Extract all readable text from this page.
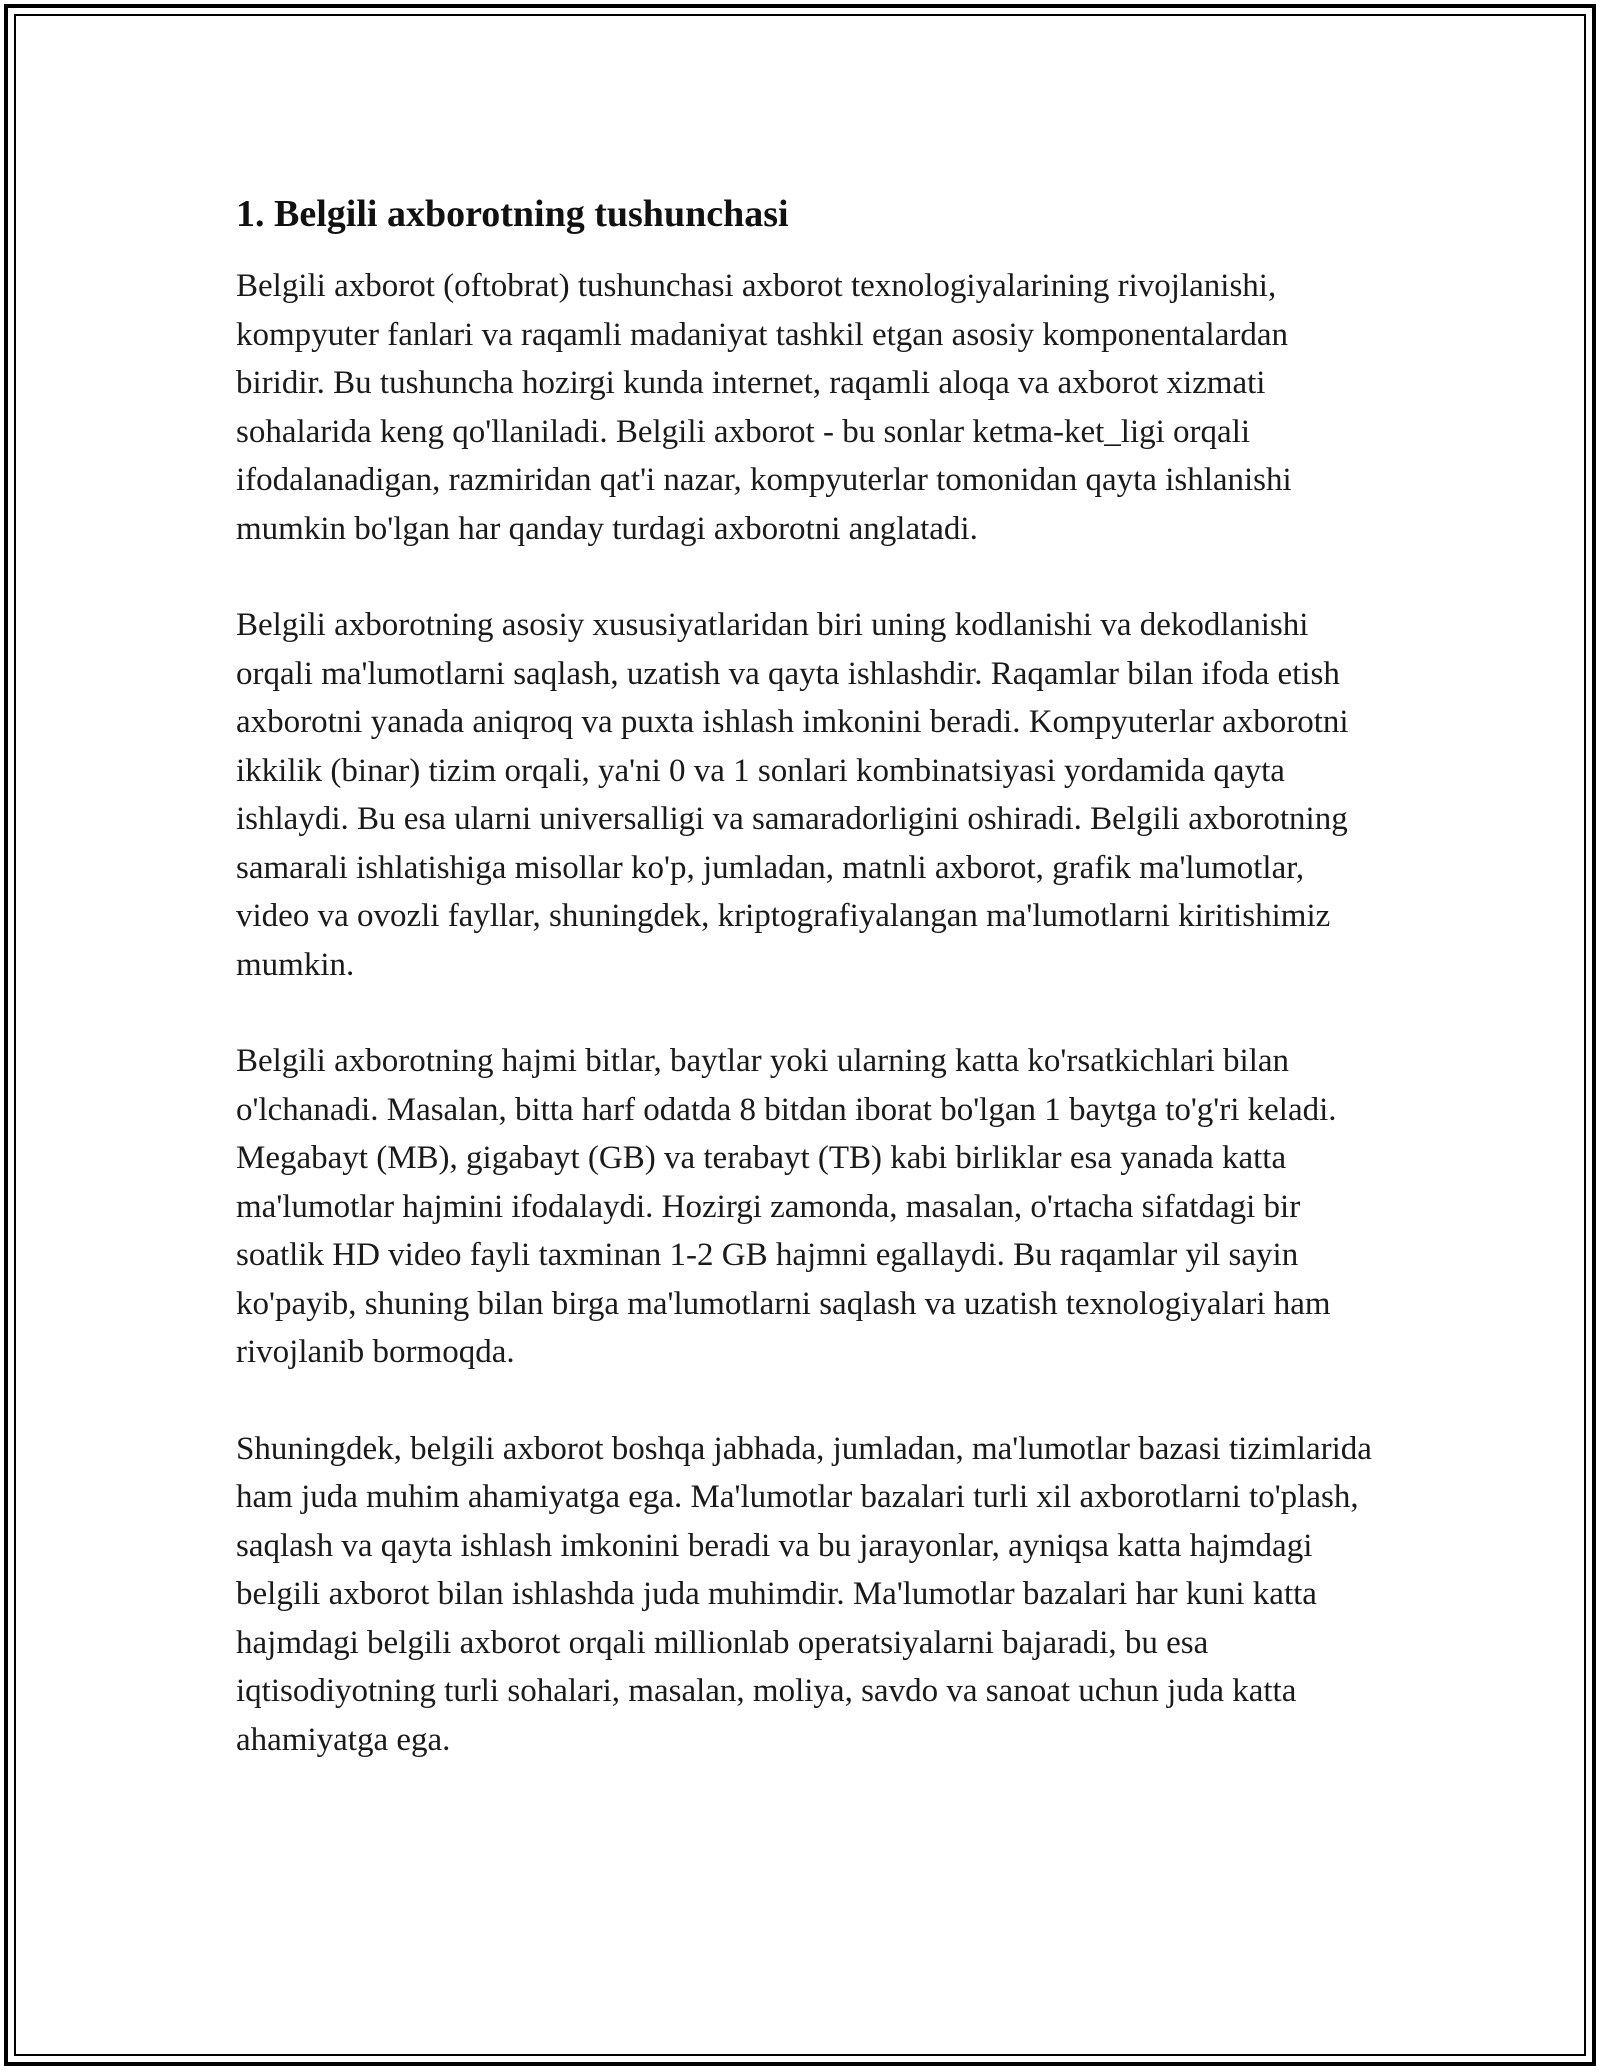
1. Belgili axborotning tushunchasi

Belgili axborot (oftobrat) tushunchasi axborot texnologiyalarining rivojlanishi, kompyuter fanlari va raqamli madaniyat tashkil etgan asosiy komponentalardan biridir. Bu tushuncha hozirgi kunda internet, raqamli aloqa va axborot xizmati sohalarida keng qo'llaniladi. Belgili axborot - bu sonlar ketma-ket_ligi orqali ifodalanadigan, razmiridan qat'i nazar, kompyuterlar tomonidan qayta ishlanishi mumkin bo'lgan har qanday turdagi axborotni anglatadi.

Belgili axborotning asosiy xususiyatlaridan biri uning kodlanishi va dekodlanishi orqali ma'lumotlarni saqlash, uzatish va qayta ishlashdir. Raqamlar bilan ifoda etish axborotni yanada aniqroq va puxta ishlash imkonini beradi. Kompyuterlar axborotni ikkilik (binar) tizim orqali, ya'ni 0 va 1 sonlari kombinatsiyasi yordamida qayta ishlaydi. Bu esa ularni universalligi va samaradorligini oshiradi. Belgili axborotning samarali ishlatishiga misollar ko'p, jumladan, matnli axborot, grafik ma'lumotlar, video va ovozli fayllar, shuningdek, kriptografiyalangan ma'lumotlarni kiritishimiz mumkin.

Belgili axborotning hajmi bitlar, baytlar yoki ularning katta ko'rsatkichlari bilan o'lchanadi. Masalan, bitta harf odatda 8 bitdan iborat bo'lgan 1 baytga to'g'ri keladi. Megabayt (MB), gigabayt (GB) va terabayt (TB) kabi birliklar esa yanada katta ma'lumotlar hajmini ifodalaydi. Hozirgi zamonda, masalan, o'rtacha sifatdagi bir soatlik HD video fayli taxminan 1-2 GB hajmni egallaydi. Bu raqamlar yil sayin ko'payib, shuning bilan birga ma'lumotlarni saqlash va uzatish texnologiyalari ham rivojlanib bormoqda.

Shuningdek, belgili axborot boshqa jabhada, jumladan, ma'lumotlar bazasi tizimlarida ham juda muhim ahamiyatga ega. Ma'lumotlar bazalari turli xil axborotlarni to'plash, saqlash va qayta ishlash imkonini beradi va bu jarayonlar, ayniqsa katta hajmdagi belgili axborot bilan ishlashda juda muhimdir. Ma'lumotlar bazalari har kuni katta hajmdagi belgili axborot orqali millionlab operatsiyalarni bajaradi, bu esa iqtisodiyotning turli sohalari, masalan, moliya, savdo va sanoat uchun juda katta ahamiyatga ega.
